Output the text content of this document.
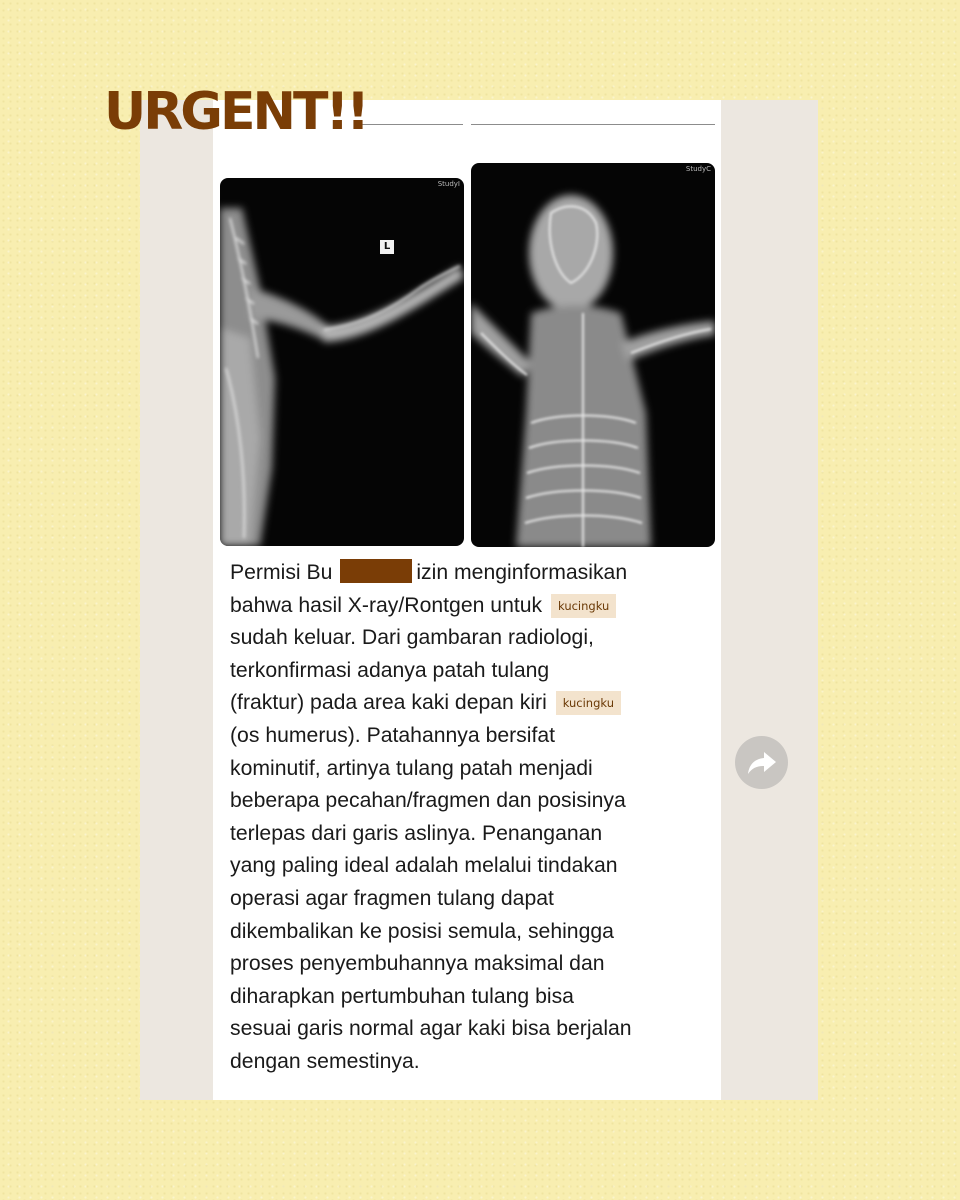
URGENT!!
L
StudyI
StudyC
Permisi Bu	izin menginformasikan
bahwa hasil X-ray/Rontgen untuk kucingku
sudah keluar. Dari gambaran radiologi,
terkonfirmasi adanya patah tulang
(fraktur) pada area kaki depan kiri kucingku
(os humerus). Patahannya bersifat
kominutif, artinya tulang patah menjadi
beberapa pecahan/fragmen dan posisinya
terlepas dari garis aslinya. Penanganan
yang paling ideal adalah melalui tindakan
operasi agar fragmen tulang dapat
dikembalikan ke posisi semula, sehingga
proses penyembuhannya maksimal dan
diharapkan pertumbuhan tulang bisa
sesuai garis normal agar kaki bisa berjalan
dengan semestinya.
